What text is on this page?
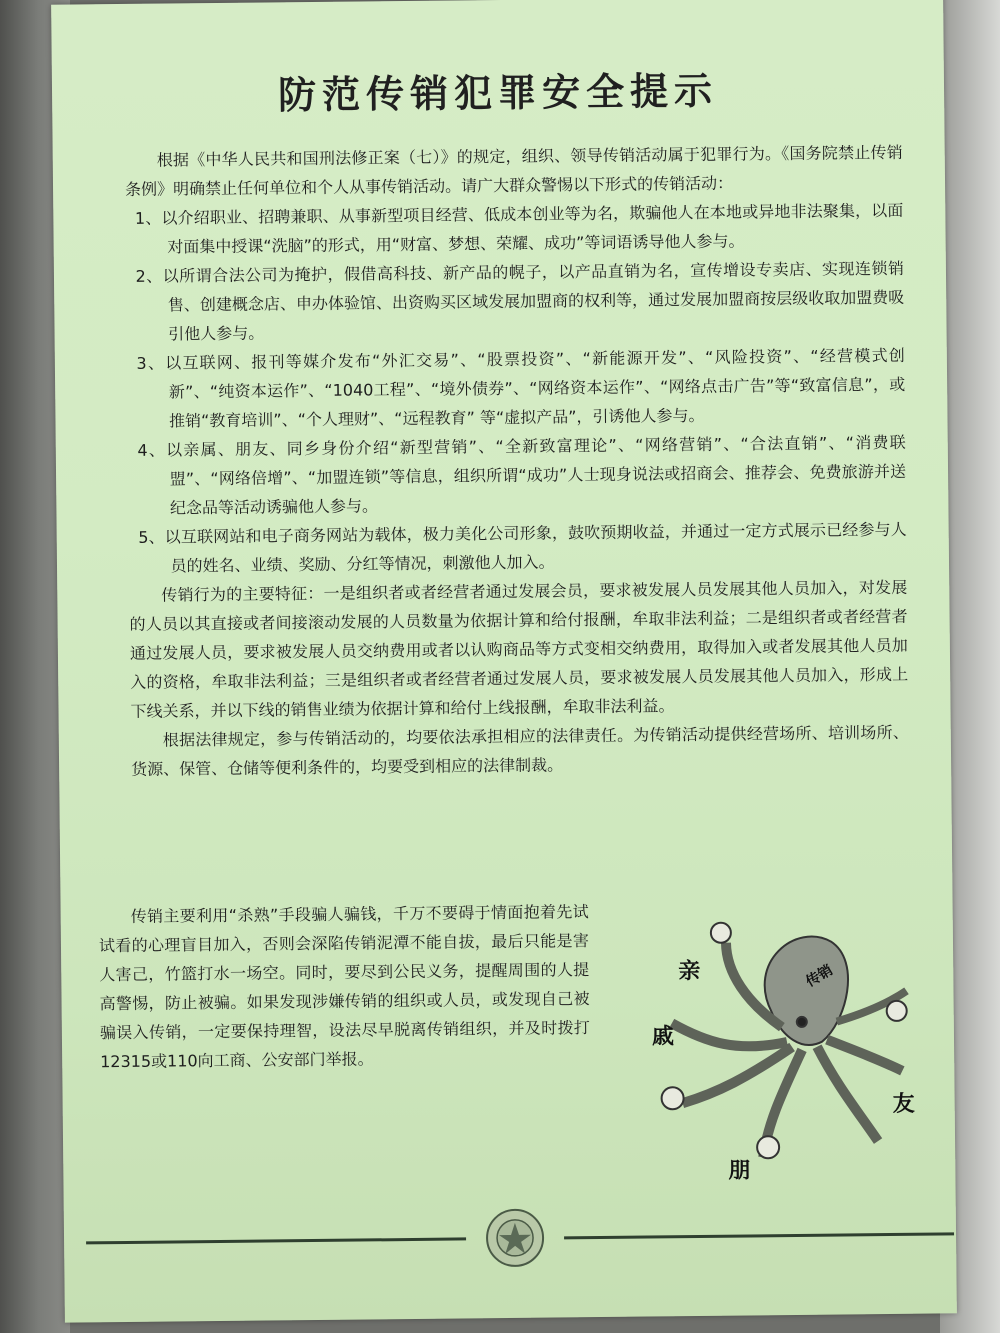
防范传销犯罪安全提示

根据《中华人民共和国刑法修正案（七）》的规定，组织、领导传销活动属于犯罪行为。《国务院禁止传销条例》明确禁止任何单位和个人从事传销活动。请广大群众警惕以下形式的传销活动：

1、以介绍职业、招聘兼职、从事新型项目经营、低成本创业等为名，欺骗他人在本地或异地非法聚集，以面对面集中授课“洗脑”的形式，用“财富、梦想、荣耀、成功”等词语诱导他人参与。

2、以所谓合法公司为掩护，假借高科技、新产品的幌子，以产品直销为名，宣传增设专卖店、实现连锁销售、创建概念店、申办体验馆、出资购买区域发展加盟商的权利等，通过发展加盟商按层级收取加盟费吸引他人参与。

3、以互联网、报刊等媒介发布“外汇交易”、“股票投资”、“新能源开发”、“风险投资”、“经营模式创新”、“纯资本运作”、“1040工程”、“境外债券”、“网络资本运作”、“网络点击广告”等“致富信息”，或推销“教育培训”、“个人理财”、“远程教育” 等“虚拟产品”，引诱他人参与。

4、以亲属、朋友、同乡身份介绍“新型营销”、“全新致富理论”、“网络营销”、“合法直销”、“消费联盟”、“网络倍增”、“加盟连锁”等信息，组织所谓“成功”人士现身说法或招商会、推荐会、免费旅游并送纪念品等活动诱骗他人参与。

5、以互联网站和电子商务网站为载体，极力美化公司形象，鼓吹预期收益，并通过一定方式展示已经参与人员的姓名、业绩、奖励、分红等情况，刺激他人加入。

传销行为的主要特征：一是组织者或者经营者通过发展会员，要求被发展人员发展其他人员加入，对发展的人员以其直接或者间接滚动发展的人员数量为依据计算和给付报酬，牟取非法利益；二是组织者或者经营者通过发展人员，要求被发展人员交纳费用或者以认购商品等方式变相交纳费用，取得加入或者发展其他人员加入的资格，牟取非法利益；三是组织者或者经营者通过发展人员，要求被发展人员发展其他人员加入，形成上下线关系，并以下线的销售业绩为依据计算和给付上线报酬，牟取非法利益。

根据法律规定，参与传销活动的，均要依法承担相应的法律责任。为传销活动提供经营场所、培训场所、货源、保管、仓储等便利条件的，均要受到相应的法律制裁。

传销主要利用“杀熟”手段骗人骗钱，千万不要碍于情面抱着先试试看的心理盲目加入，否则会深陷传销泥潭不能自拔，最后只能是害人害己，竹篮打水一场空。同时，要尽到公民义务，提醒周围的人提高警惕，防止被骗。如果发现涉嫌传销的组织或人员，或发现自己被骗误入传销，一定要保持理智，设法尽早脱离传销组织，并及时拨打12315或110向工商、公安部门举报。

传销
亲
戚
朋
友
